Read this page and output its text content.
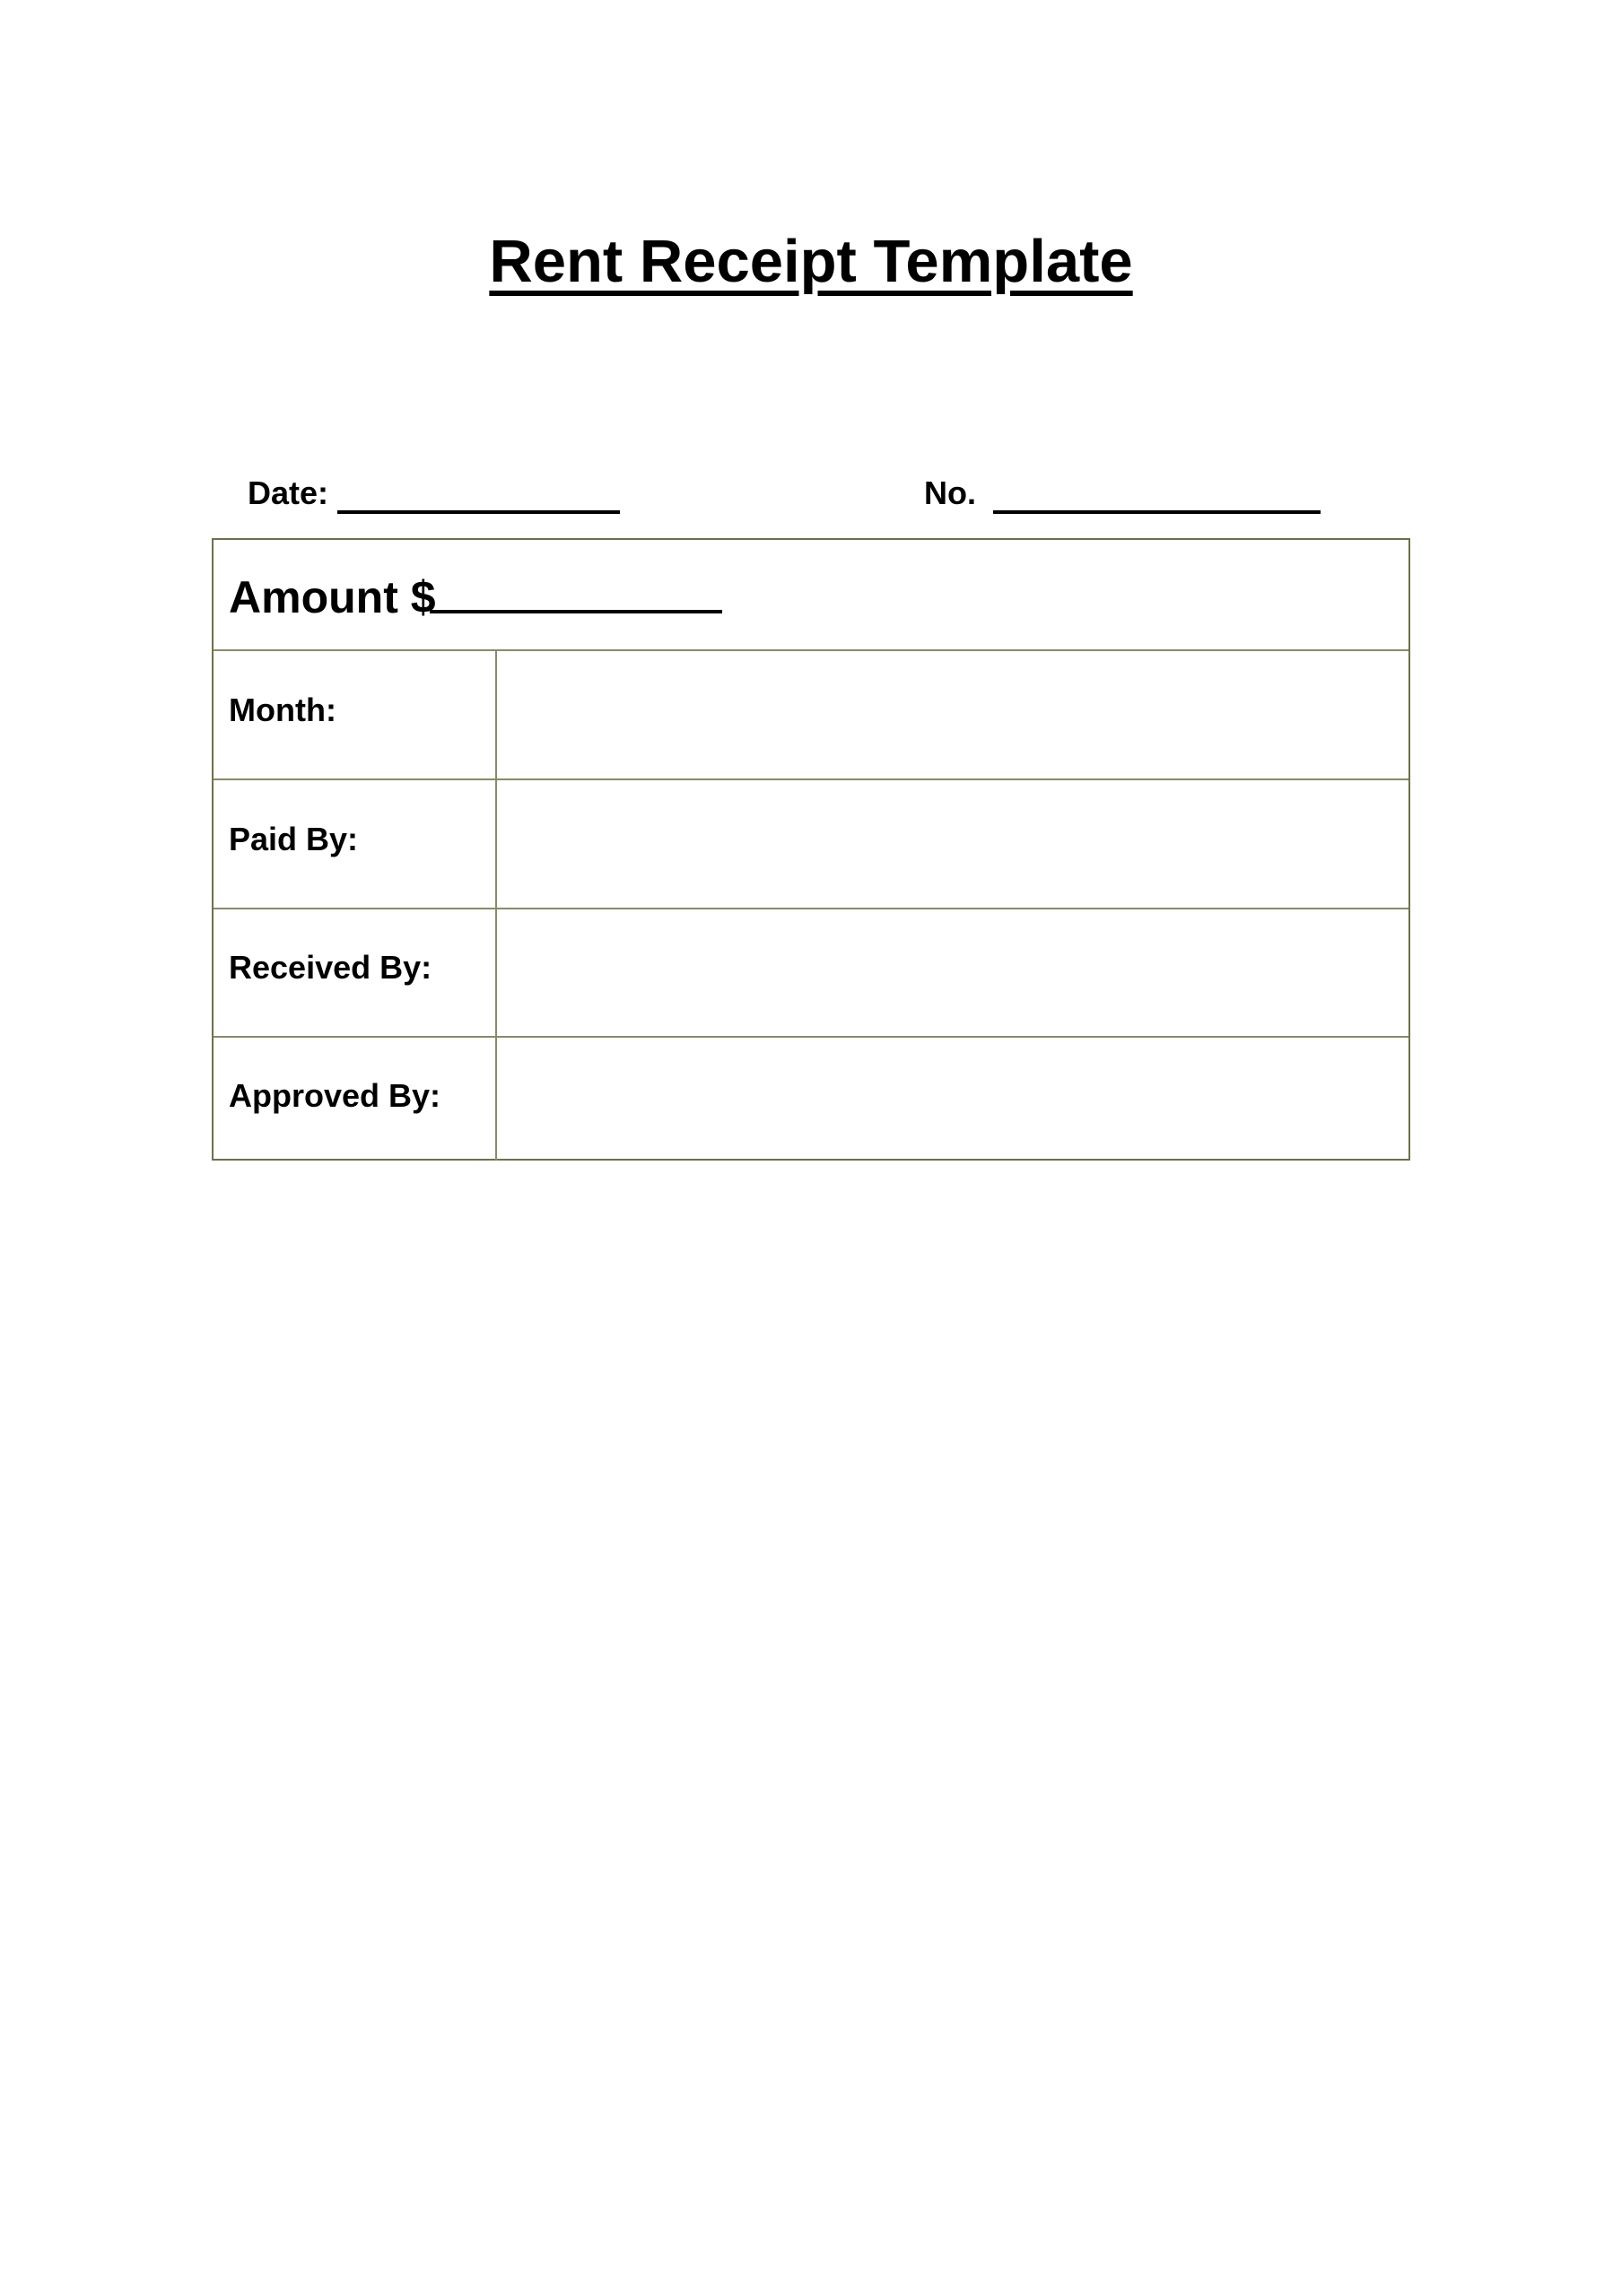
Rent Receipt Template
Date:	No.
Amount $
Month:
Paid By:
Received By:
Approved By:
